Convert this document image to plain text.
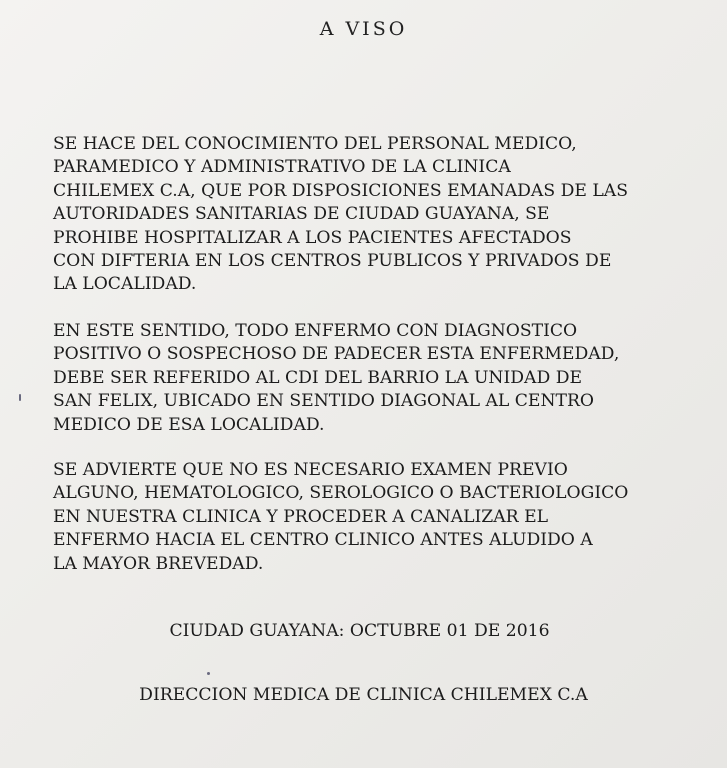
A VISO
SE HACE DEL CONOCIMIENTO DEL PERSONAL MEDICO,
PARAMEDICO Y ADMINISTRATIVO DE LA CLINICA
CHILEMEX C.A, QUE POR DISPOSICIONES EMANADAS DE LAS
AUTORIDADES SANITARIAS DE CIUDAD GUAYANA, SE
PROHIBE HOSPITALIZAR A LOS PACIENTES AFECTADOS
CON DIFTERIA EN LOS CENTROS PUBLICOS Y PRIVADOS DE
LA LOCALIDAD.
EN ESTE SENTIDO, TODO ENFERMO CON DIAGNOSTICO
POSITIVO O SOSPECHOSO DE PADECER ESTA ENFERMEDAD,
DEBE SER REFERIDO AL CDI DEL BARRIO LA UNIDAD DE
SAN FELIX, UBICADO EN SENTIDO DIAGONAL AL CENTRO
MEDICO DE ESA LOCALIDAD.
SE ADVIERTE QUE NO ES NECESARIO EXAMEN PREVIO
ALGUNO, HEMATOLOGICO, SEROLOGICO O BACTERIOLOGICO
EN NUESTRA CLINICA Y PROCEDER A CANALIZAR EL
ENFERMO HACIA EL CENTRO CLINICO ANTES ALUDIDO A
LA MAYOR BREVEDAD.
CIUDAD GUAYANA: OCTUBRE 01 DE 2016
DIRECCION MEDICA DE CLINICA CHILEMEX C.A
